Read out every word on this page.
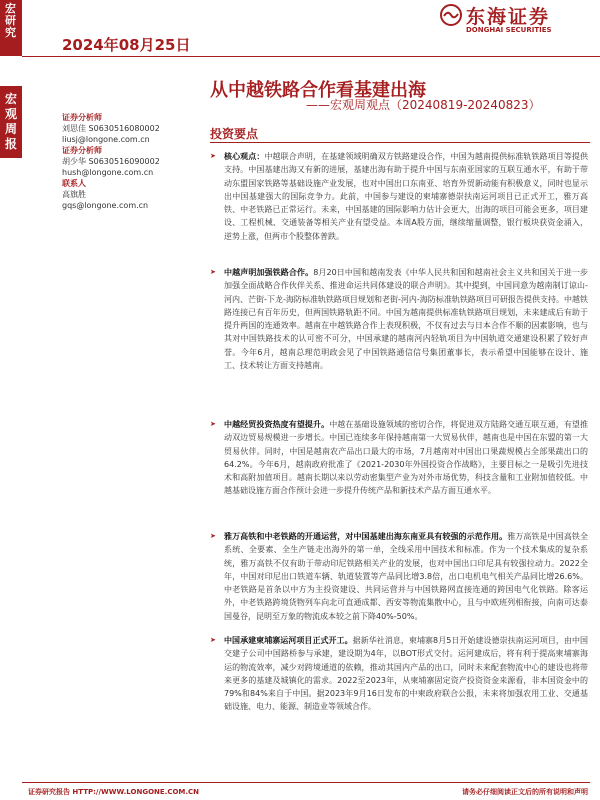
宏研究
宏观周报
2024年08月25日
东海证券
DONGHAI SECURITIES
从中越铁路合作看基建出海
——宏观周观点（20240819-20240823）
证券分析师
刘思佳 S0630516080002
liusj@longone.com.cn
证券分析师
胡少华 S0630516090002
hush@longone.com.cn
联系人
高旗胜
gqs@longone.com.cn
投资要点
➤ 核心观点：中越联合声明，在基建领域明确双方铁路建设合作，中国为越南提供标准轨铁路项目等提供支持。中国基建出海又有新的进展，基建出海有助于提升中国与东南亚国家的互联互通水平，有助于带动东盟国家铁路等基础设施产业发展，也对中国出口东南亚、培育外贸新动能有积极意义，同时也显示出中国基建强大的国际竞争力。此前，中国参与建设的柬埔寨德崇扶南运河项目已正式开工，雅万高铁、中老铁路已正常运行。未来，中国基建的国际影响力估计会更大，出海的项目可能会更多，项目建设、工程机械、交通装备等相关产业有望受益。本周A股方面，继续缩量调整，银行板块获资金涌入，逆势上涨，但两市个股整体普跌。
➤ 中越声明加强铁路合作。8月20日中国和越南发表《中华人民共和国和越南社会主义共和国关于进一步加强全面战略合作伙伴关系、推进命运共同体建设的联合声明》。其中提到，中国同意为越南制订谅山-河内、芒街-下龙-海防标准轨铁路项目规划和老街-河内-海防标准轨铁路项目可研报告提供支持。中越铁路连接已有百年历史，但两国铁路轨距不同。中国为越南提供标准轨铁路项目规划，未来建成后有助于提升两国的连通效率。越南在中越铁路合作上表现积极，不仅有过去与日本合作不顺的因素影响，也与其对中国铁路技术的认可密不可分，中国承建的越南河内轻轨项目为中国轨道交通建设积累了较好声誉。今年6月，越南总理范明政会见了中国铁路通信信号集团董事长，表示希望中国能够在设计、施工、技术转让方面支持越南。
➤ 中越经贸投资热度有望提升。中越在基础设施领域的密切合作，将促进双方陆路交通互联互通，有望推动双边贸易规模进一步增长。中国已连续多年保持越南第一大贸易伙伴，越南也是中国在东盟的第一大贸易伙伴。同时，中国是越南农产品出口最大的市场，7月越南对中国出口果蔬规模占全部果蔬出口的64.2%。今年6月，越南政府批准了《2021-2030年外国投资合作战略》，主要目标之一是吸引先进技术和高附加值项目。越南长期以来以劳动密集型产业为对外市场优势，科技含量和工业附加值较低。中越基础设施方面合作预计会进一步提升传统产品和新技术产品方面互通水平。
➤ 雅万高铁和中老铁路的开通运营，对中国基建出海东南亚具有较强的示范作用。雅万高铁是中国高铁全系统、全要素、全生产链走出海外的第一单，全线采用中国技术和标准。作为一个技术集成的复杂系统，雅万高铁不仅有助于带动印尼铁路相关产业的发展，也对中国出口印尼具有较强拉动力。2022全年，中国对印尼出口铁道车辆、轨道装置等产品同比增3.8倍，出口电机电气相关产品同比增26.6%。中老铁路是首条以中方为主投资建设、共同运营并与中国铁路网直接连通的跨国电气化铁路。除客运外，中老铁路跨境货物列车向北可直通成都、西安等物流集散中心，且与中欧班列相衔接，向南可达泰国曼谷，昆明至万象的物流成本较之前下降40%-50%。
➤ 中国承建柬埔寨运河项目正式开工。据新华社消息，柬埔寨8月5日开始建设德崇扶南运河项目，由中国交建子公司中国路桥参与承建，建设期为4年，以BOT形式交付。运河建成后，将有利于提高柬埔寨海运的物流效率，减少对跨境通道的依赖，推动其国内产品的出口，同时未来配套物流中心的建设也将带来更多的基建及城镇化的需求。2022至2023年，从柬埔寨固定资产投资资金来源看，非本国资金中的79%和84%来自于中国。据2023年9月16日发布的中柬政府联合公报，未来将加强农用工业、交通基础设施、电力、能源、制造业等领域合作。
证券研究报告 HTTP://WWW.LONGONE.COM.CN	请务必仔细阅读正文后的所有说明和声明
